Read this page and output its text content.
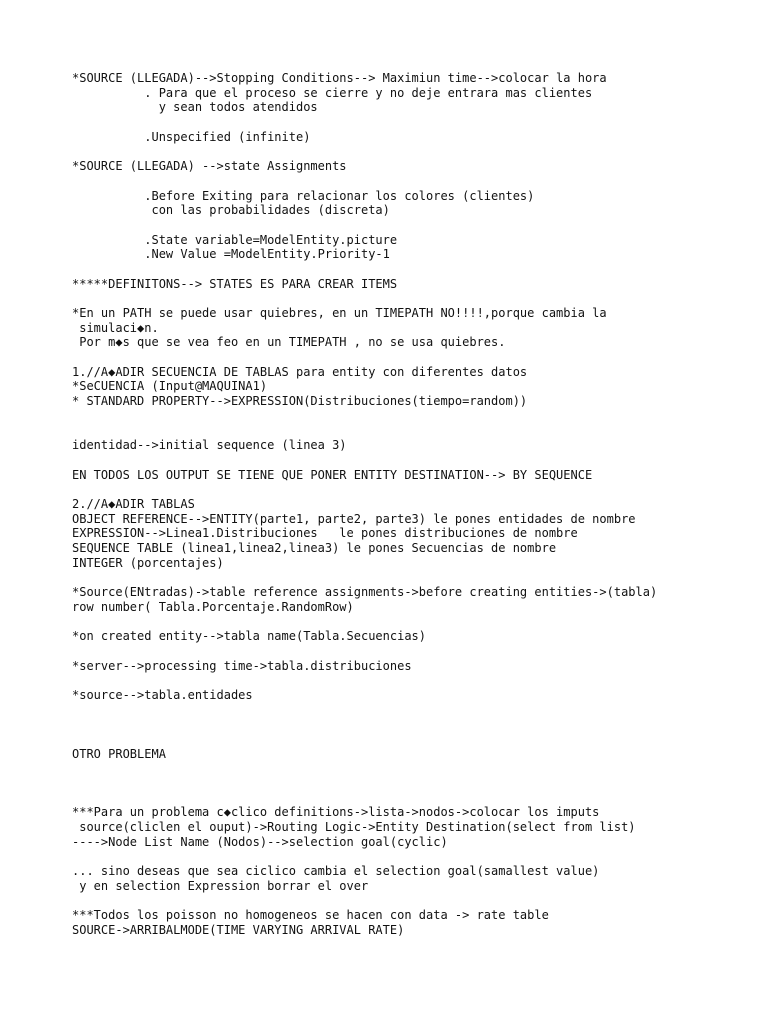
*SOURCE (LLEGADA)-->Stopping Conditions--> Maximiun time-->colocar la hora
. Para que el proceso se cierre y no deje entrara mas clientes
y sean todos atendidos
.Unspecified (infinite)
*SOURCE (LLEGADA) -->state Assignments
.Before Exiting para relacionar los colores (clientes)
con las probabilidades (discreta)
.State variable=ModelEntity.picture
.New Value =ModelEntity.Priority-1
*****DEFINITONS--> STATES ES PARA CREAR ITEMS
*En un PATH se puede usar quiebres, en un TIMEPATH NO!!!!,porque cambia la
simulaci◆n.
Por m◆s que se vea feo en un TIMEPATH , no se usa quiebres.
1.//A◆ADIR SECUENCIA DE TABLAS para entity con diferentes datos
*SeCUENCIA (Input@MAQUINA1)
* STANDARD PROPERTY-->EXPRESSION(Distribuciones(tiempo=random))
identidad-->initial sequence (linea 3)
EN TODOS LOS OUTPUT SE TIENE QUE PONER ENTITY DESTINATION--> BY SEQUENCE
2.//A◆ADIR TABLAS
OBJECT REFERENCE-->ENTITY(parte1, parte2, parte3) le pones entidades de nombre
EXPRESSION-->Linea1.Distribuciones   le pones distribuciones de nombre
SEQUENCE TABLE (linea1,linea2,linea3) le pones Secuencias de nombre
INTEGER (porcentajes)
*Source(ENtradas)->table reference assignments->before creating entities->(tabla)
row number( Tabla.Porcentaje.RandomRow)
*on created entity-->tabla name(Tabla.Secuencias)
*server-->processing time->tabla.distribuciones
*source-->tabla.entidades
OTRO PROBLEMA
***Para un problema c◆clico definitions->lista->nodos->colocar los imputs
source(cliclen el ouput)->Routing Logic->Entity Destination(select from list)
---->Node List Name (Nodos)-->selection goal(cyclic)
... sino deseas que sea ciclico cambia el selection goal(samallest value)
y en selection Expression borrar el over
***Todos los poisson no homogeneos se hacen con data -> rate table
SOURCE->ARRIBALMODE(TIME VARYING ARRIVAL RATE)
